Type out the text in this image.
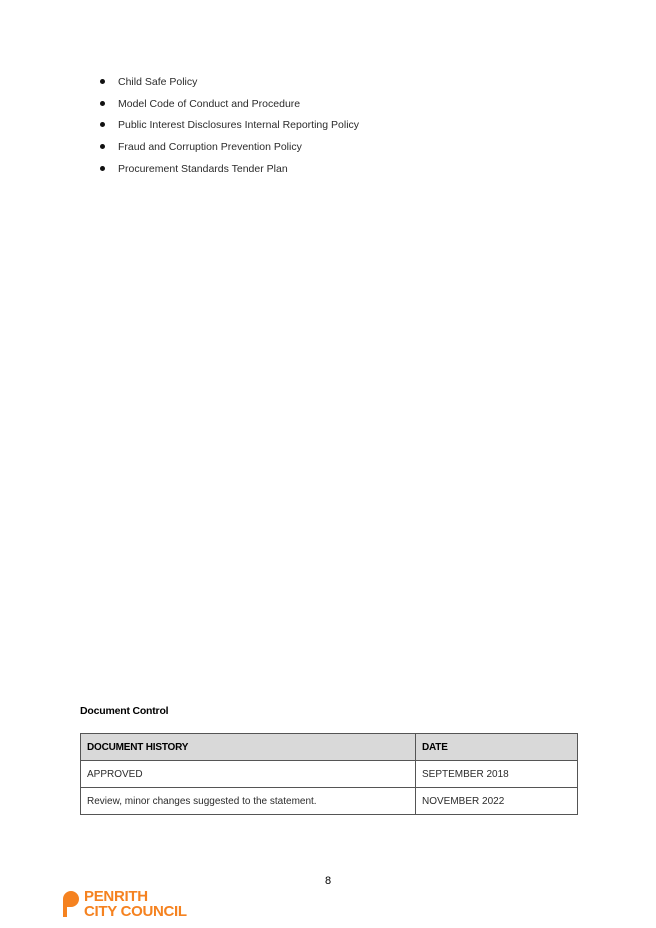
Child Safe Policy
Model Code of Conduct and Procedure
Public Interest Disclosures Internal Reporting Policy
Fraud and Corruption Prevention Policy
Procurement Standards Tender Plan
Document Control
DOCUMENT HISTORY	DATE
APPROVED	SEPTEMBER 2018
Review, minor changes suggested to the statement.	NOVEMBER 2022
8
PENRITH
CITY COUNCIL
